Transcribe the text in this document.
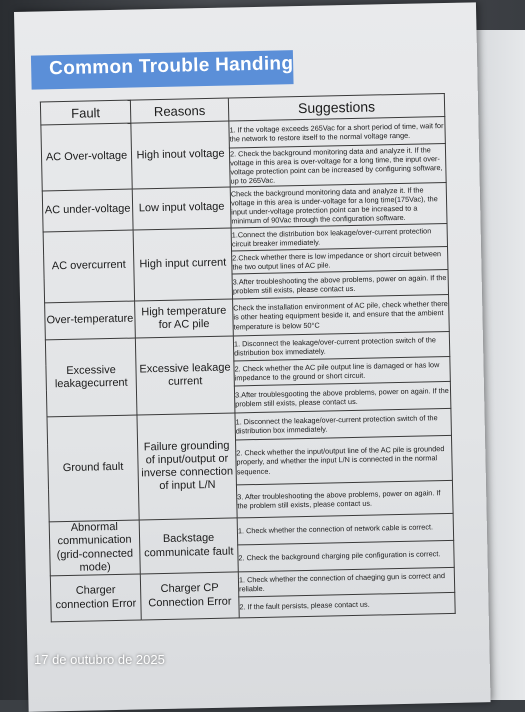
Common Trouble Handing
Fault	Reasons	Suggestions
AC Over-voltage	High inout voltage	1. If the voltage exceeds 265Vac for a short period of time, wait for the network to restore itself to the normal voltage range.
		2. Check the background monitoring data and analyze it. If the voltage in this area is over-voltage for a long time, the input over-voltage protection point can be increased by configuring software, up to 265Vac.
AC under-voltage	Low input voltage	Check the background monitoring data and analyze it. If the voltage in this area is under-voltage for a long time(175Vac), the input under-voltage protection point can be increased to a minimum of 90Vac through the configuration software.
AC overcurrent	High input current	1.Connect the distribution box leakage/over-current protection circuit breaker immediately.
		2.Check whether there is low impedance or short circuit between the two output lines of AC pile.
		3.After troubleshooting the above problems, power on again. If the problem still exists, please contact us.
Over-temperature	High temperature for AC pile	Check the installation environment of AC pile, check whether there is other heating equipment beside it, and ensure that the ambient temperature is below 50°C
Excessive leakagecurrent	Excessive leakage current	1. Disconnect the leakage/over-current protection switch of the distribution box immediately.
		2. Check whether the AC pile output line is damaged or has low impedance to the ground or short circuit.
		3.After troublesgooting the above problems, power on again. If the problem still exists, please contact us.
Ground fault	Failure grounding of input/output or inverse connection of input L/N	1. Disconnect the leakage/over-current protection switch of the distribution box immediately.
		2. Check whether the input/output line of the AC pile is grounded properly, and whether the input L/N is connected in the normal sequence.
		3. After troubleshooting the above problems, power on again. If the problem still exists, please contact us.
Abnormal communication (grid-connected mode)	Backstage communicate fault	1. Check whether the connection of network cable is correct.
		2. Check the background charging pile configuration is correct.
Charger connection Error	Charger CP Connection Error	1. Check whether the connection of chaeging gun is correct and reliable.
		2. If the fault persists, please contact us.
17 de outubro de 2025
